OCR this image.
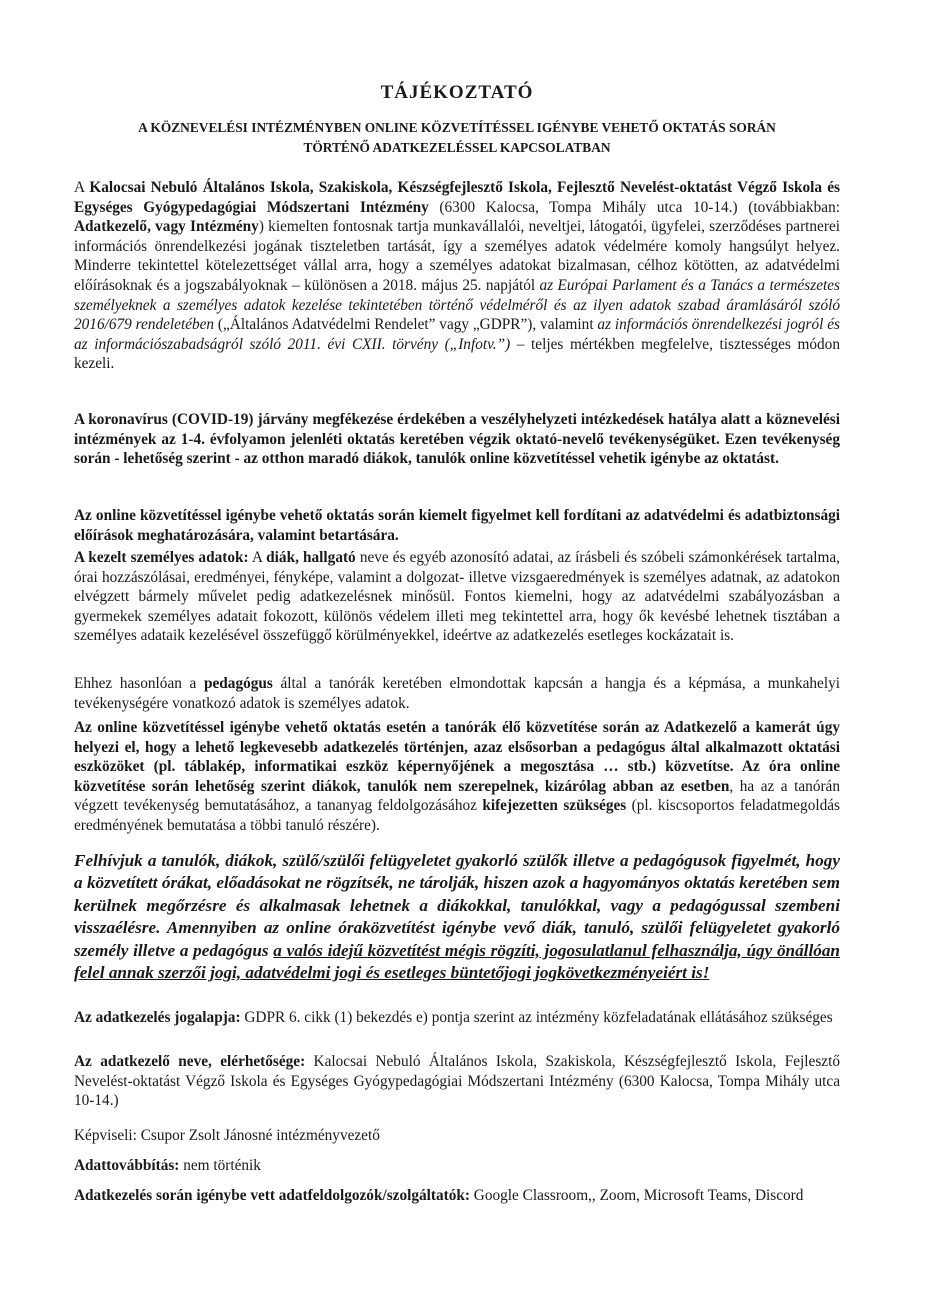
TÁJÉKOZTATÓ
A KÖZNEVELÉSI INTÉZMÉNYBEN ONLINE KÖZVETÍTÉSSEL IGÉNYBE VEHETŐ OKTATÁS SORÁN
TÖRTÉNŐ ADATKEZELÉSSEL KAPCSOLATBAN

A Kalocsai Nebuló Általános Iskola, Szakiskola, Készségfejlesztő Iskola, Fejlesztő Nevelést-oktatást Végző Iskola és Egységes Gyógypedagógiai Módszertani Intézmény (6300 Kalocsa, Tompa Mihály utca 10-14.) (továbbiakban: Adatkezelő, vagy Intézmény) kiemelten fontosnak tartja munkavállalói, neveltjei, látogatói, ügyfelei, szerződéses partnerei információs önrendelkezési jogának tiszteletben tartását, így a személyes adatok védelmére komoly hangsúlyt helyez. Minderre tekintettel kötelezettséget vállal arra, hogy a személyes adatokat bizalmasan, célhoz kötötten, az adatvédelmi előírásoknak és a jogszabályoknak – különösen a 2018. május 25. napjától az Európai Parlament és a Tanács a természetes személyeknek a személyes adatok kezelése tekintetében történő védelméről és az ilyen adatok szabad áramlásáról szóló 2016/679 rendeletében („Általános Adatvédelmi Rendelet” vagy „GDPR”), valamint az információs önrendelkezési jogról és az információszabadságról szóló 2011. évi CXII. törvény („Infotv.”) – teljes mértékben megfelelve, tisztességes módon kezeli.

A koronavírus (COVID-19) járvány megfékezése érdekében a veszélyhelyzeti intézkedések hatálya alatt a köznevelési intézmények az 1-4. évfolyamon jelenléti oktatás keretében végzik oktató-nevelő tevékenységüket. Ezen tevékenység során - lehetőség szerint - az otthon maradó diákok, tanulók online közvetítéssel vehetik igénybe az oktatást.

Az online közvetítéssel igénybe vehető oktatás során kiemelt figyelmet kell fordítani az adatvédelmi és adatbiztonsági előírások meghatározására, valamint betartására.

A kezelt személyes adatok: A diák, hallgató neve és egyéb azonosító adatai, az írásbeli és szóbeli számonkérések tartalma, órai hozzászólásai, eredményei, fényképe, valamint a dolgozat- illetve vizsgaeredmények is személyes adatnak, az adatokon elvégzett bármely művelet pedig adatkezelésnek minősül. Fontos kiemelni, hogy az adatvédelmi szabályozásban a gyermekek személyes adatait fokozott, különös védelem illeti meg tekintettel arra, hogy ők kevésbé lehetnek tisztában a személyes adataik kezelésével összefüggő körülményekkel, ideértve az adatkezelés esetleges kockázatait is.

Ehhez hasonlóan a pedagógus által a tanórák keretében elmondottak kapcsán a hangja és a képmása, a munkahelyi tevékenységére vonatkozó adatok is személyes adatok.

Az online közvetítéssel igénybe vehető oktatás esetén a tanórák élő közvetítése során az Adatkezelő a kamerát úgy helyezi el, hogy a lehető legkevesebb adatkezelés történjen, azaz elsősorban a pedagógus által alkalmazott oktatási eszközöket (pl. táblakép, informatikai eszköz képernyőjének a megosztása … stb.) közvetítse. Az óra online közvetítése során lehetőség szerint diákok, tanulók nem szerepelnek, kizárólag abban az esetben, ha az a tanórán végzett tevékenység bemutatásához, a tananyag feldolgozásához kifejezetten szükséges (pl. kiscsoportos feladatmegoldás eredményének bemutatása a többi tanuló részére).

Felhívjuk a tanulók, diákok, szülő/szülői felügyeletet gyakorló szülők illetve a pedagógusok figyelmét, hogy a közvetített órákat, előadásokat ne rögzítsék, ne tárolják, hiszen azok a hagyományos oktatás keretében sem kerülnek megőrzésre és alkalmasak lehetnek a diákokkal, tanulókkal, vagy a pedagógussal szembeni visszaélésre. Amennyiben az online óraközvetítést igénybe vevő diák, tanuló, szülői felügyeletet gyakorló személy illetve a pedagógus a valós idejű közvetítést mégis rögzíti, jogosulatlanul felhasználja, úgy önállóan felel annak szerzői jogi, adatvédelmi jogi és esetleges büntetőjogi jogkövetkezményeiért is!

Az adatkezelés jogalapja: GDPR 6. cikk (1) bekezdés e) pontja szerint az intézmény közfeladatának ellátásához szükséges

Az adatkezelő neve, elérhetősége: Kalocsai Nebuló Általános Iskola, Szakiskola, Készségfejlesztő Iskola, Fejlesztő Nevelést-oktatást Végző Iskola és Egységes Gyógypedagógiai Módszertani Intézmény (6300 Kalocsa, Tompa Mihály utca 10-14.)

Képviseli: Csupor Zsolt Jánosné intézményvezető

Adattovábbítás: nem történik

Adatkezelés során igénybe vett adatfeldolgozók/szolgáltatók: Google Classroom,, Zoom, Microsoft Teams, Discord
